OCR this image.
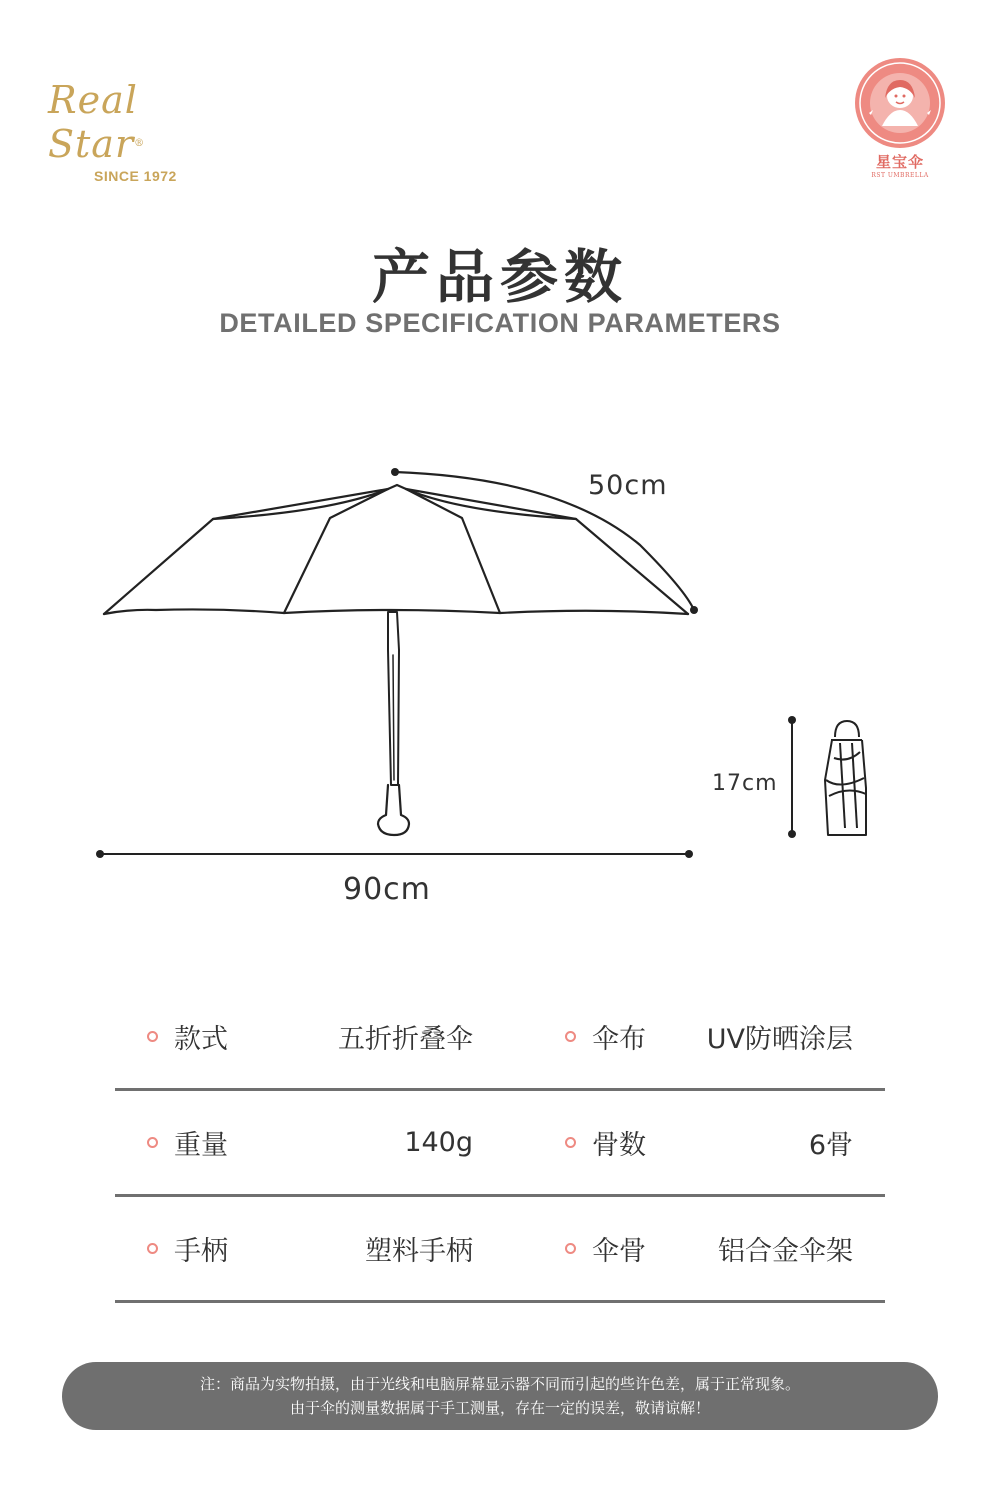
Real Star®
SINCE 1972
星宝伞
RST UMBRELLA
产品参数
DETAILED SPECIFICATION PARAMETERS
50cm
90cm
17cm
款式	五折折叠伞	伞布 UV防晒涂层
重量	140g	骨数	6骨
手柄	塑料手柄	伞骨	铝合金伞架
注：商品为实物拍摄，由于光线和电脑屏幕显示器不同而引起的些许色差，属于正常现象。
由于伞的测量数据属于手工测量，存在一定的误差，敬请谅解！
